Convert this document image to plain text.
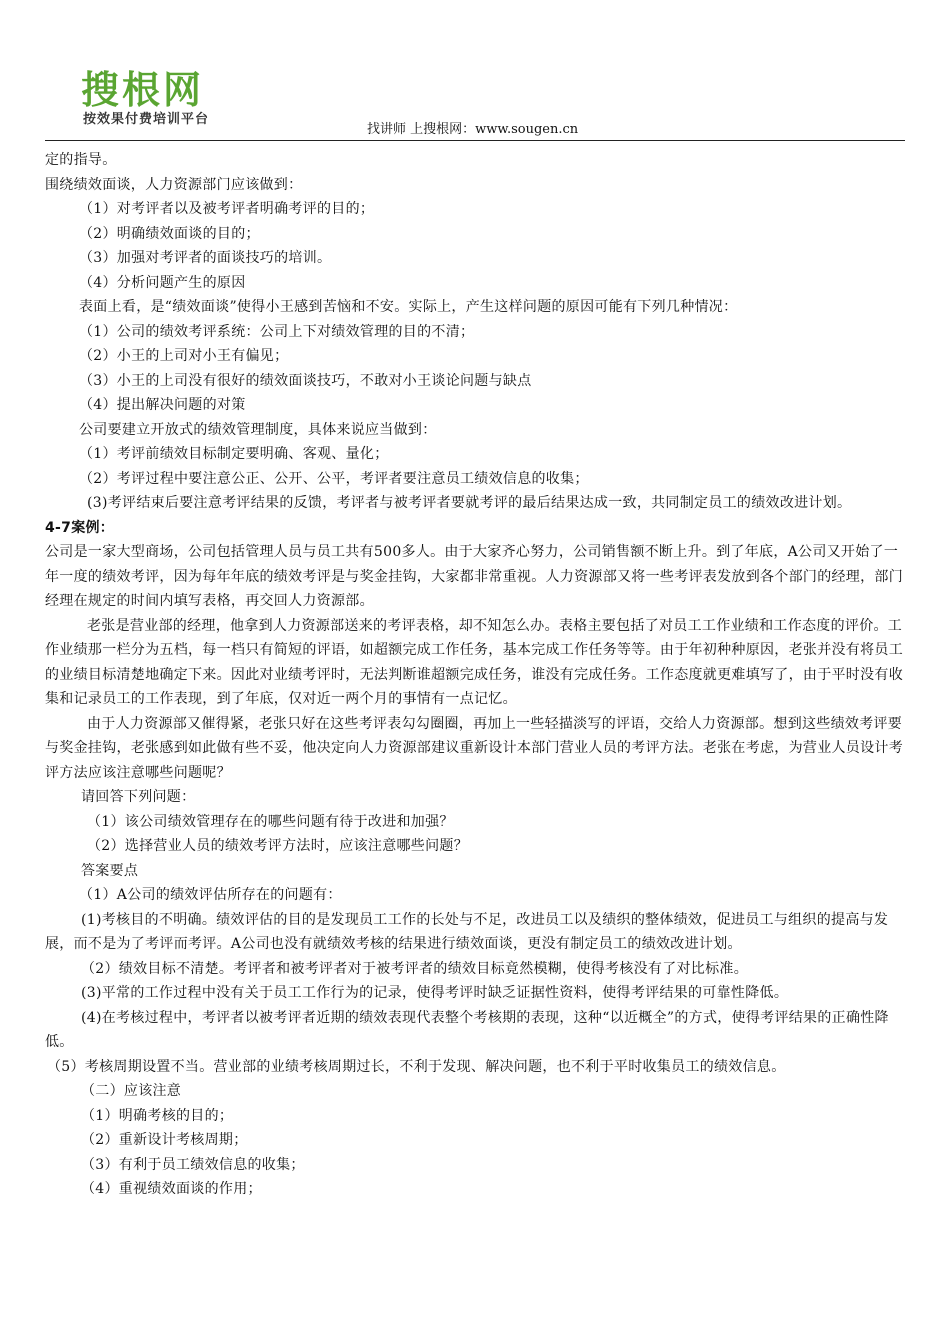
搜根网
按效果付费培训平台
找讲师 上搜根网：www.sougen.cn

定的指导。

围绕绩效面谈，人力资源部门应该做到：

（1）对考评者以及被考评者明确考评的目的；

（2）明确绩效面谈的目的；

（3）加强对考评者的面谈技巧的培训。

（4）分析问题产生的原因

表面上看，是“绩效面谈”使得小王感到苦恼和不安。实际上，产生这样问题的原因可能有下列几种情况：

（1）公司的绩效考评系统：公司上下对绩效管理的目的不清；

（2）小王的上司对小王有偏见；

（3）小王的上司没有很好的绩效面谈技巧，不敢对小王谈论问题与缺点

（4）提出解决问题的对策

公司要建立开放式的绩效管理制度，具体来说应当做到：

（1）考评前绩效目标制定要明确、客观、量化；

（2）考评过程中要注意公正、公开、公平，考评者要注意员工绩效信息的收集；

(3)考评结束后要注意考评结果的反馈，考评者与被考评者要就考评的最后结果达成一致，共同制定员工的绩效改进计划。

4-7案例：

公司是一家大型商场，公司包括管理人员与员工共有500多人。由于大家齐心努力，公司销售额不断上升。到了年底，A公司又开始了一年一度的绩效考评，因为每年年底的绩效考评是与奖金挂钩，大家都非常重视。人力资源部又将一些考评表发放到各个部门的经理，部门经理在规定的时间内填写表格，再交回人力资源部。

老张是营业部的经理，他拿到人力资源部送来的考评表格，却不知怎么办。表格主要包括了对员工工作业绩和工作态度的评价。工作业绩那一栏分为五档，每一档只有简短的评语，如超额完成工作任务，基本完成工作任务等等。由于年初种种原因，老张并没有将员工的业绩目标清楚地确定下来。因此对业绩考评时，无法判断谁超额完成任务，谁没有完成任务。工作态度就更难填写了，由于平时没有收集和记录员工的工作表现，到了年底，仅对近一两个月的事情有一点记忆。

由于人力资源部又催得紧，老张只好在这些考评表勾勾圈圈，再加上一些轻描淡写的评语，交给人力资源部。想到这些绩效考评要与奖金挂钩，老张感到如此做有些不妥，他决定向人力资源部建议重新设计本部门营业人员的考评方法。老张在考虑，为营业人员设计考评方法应该注意哪些问题呢？

请回答下列问题：

（1）该公司绩效管理存在的哪些问题有待于改进和加强？

（2）选择营业人员的绩效考评方法时，应该注意哪些问题？

答案要点

（1）A公司的绩效评估所存在的问题有：

(1)考核目的不明确。绩效评估的目的是发现员工工作的长处与不足，改进员工以及绩织的整体绩效，促进员工与组织的提高与发展，而不是为了考评而考评。A公司也没有就绩效考核的结果进行绩效面谈，更没有制定员工的绩效改进计划。

（2）绩效目标不清楚。考评者和被考评者对于被考评者的绩效目标竟然模糊，使得考核没有了对比标准。

(3)平常的工作过程中没有关于员工工作行为的记录，使得考评时缺乏证据性资料，使得考评结果的可靠性降低。

(4)在考核过程中，考评者以被考评者近期的绩效表现代表整个考核期的表现，这种“以近概全”的方式，使得考评结果的正确性降低。

（5）考核周期设置不当。营业部的业绩考核周期过长，不利于发现、解决问题，也不利于平时收集员工的绩效信息。

（二）应该注意

（1）明确考核的目的；

（2）重新设计考核周期；

（3）有利于员工绩效信息的收集；

（4）重视绩效面谈的作用；
